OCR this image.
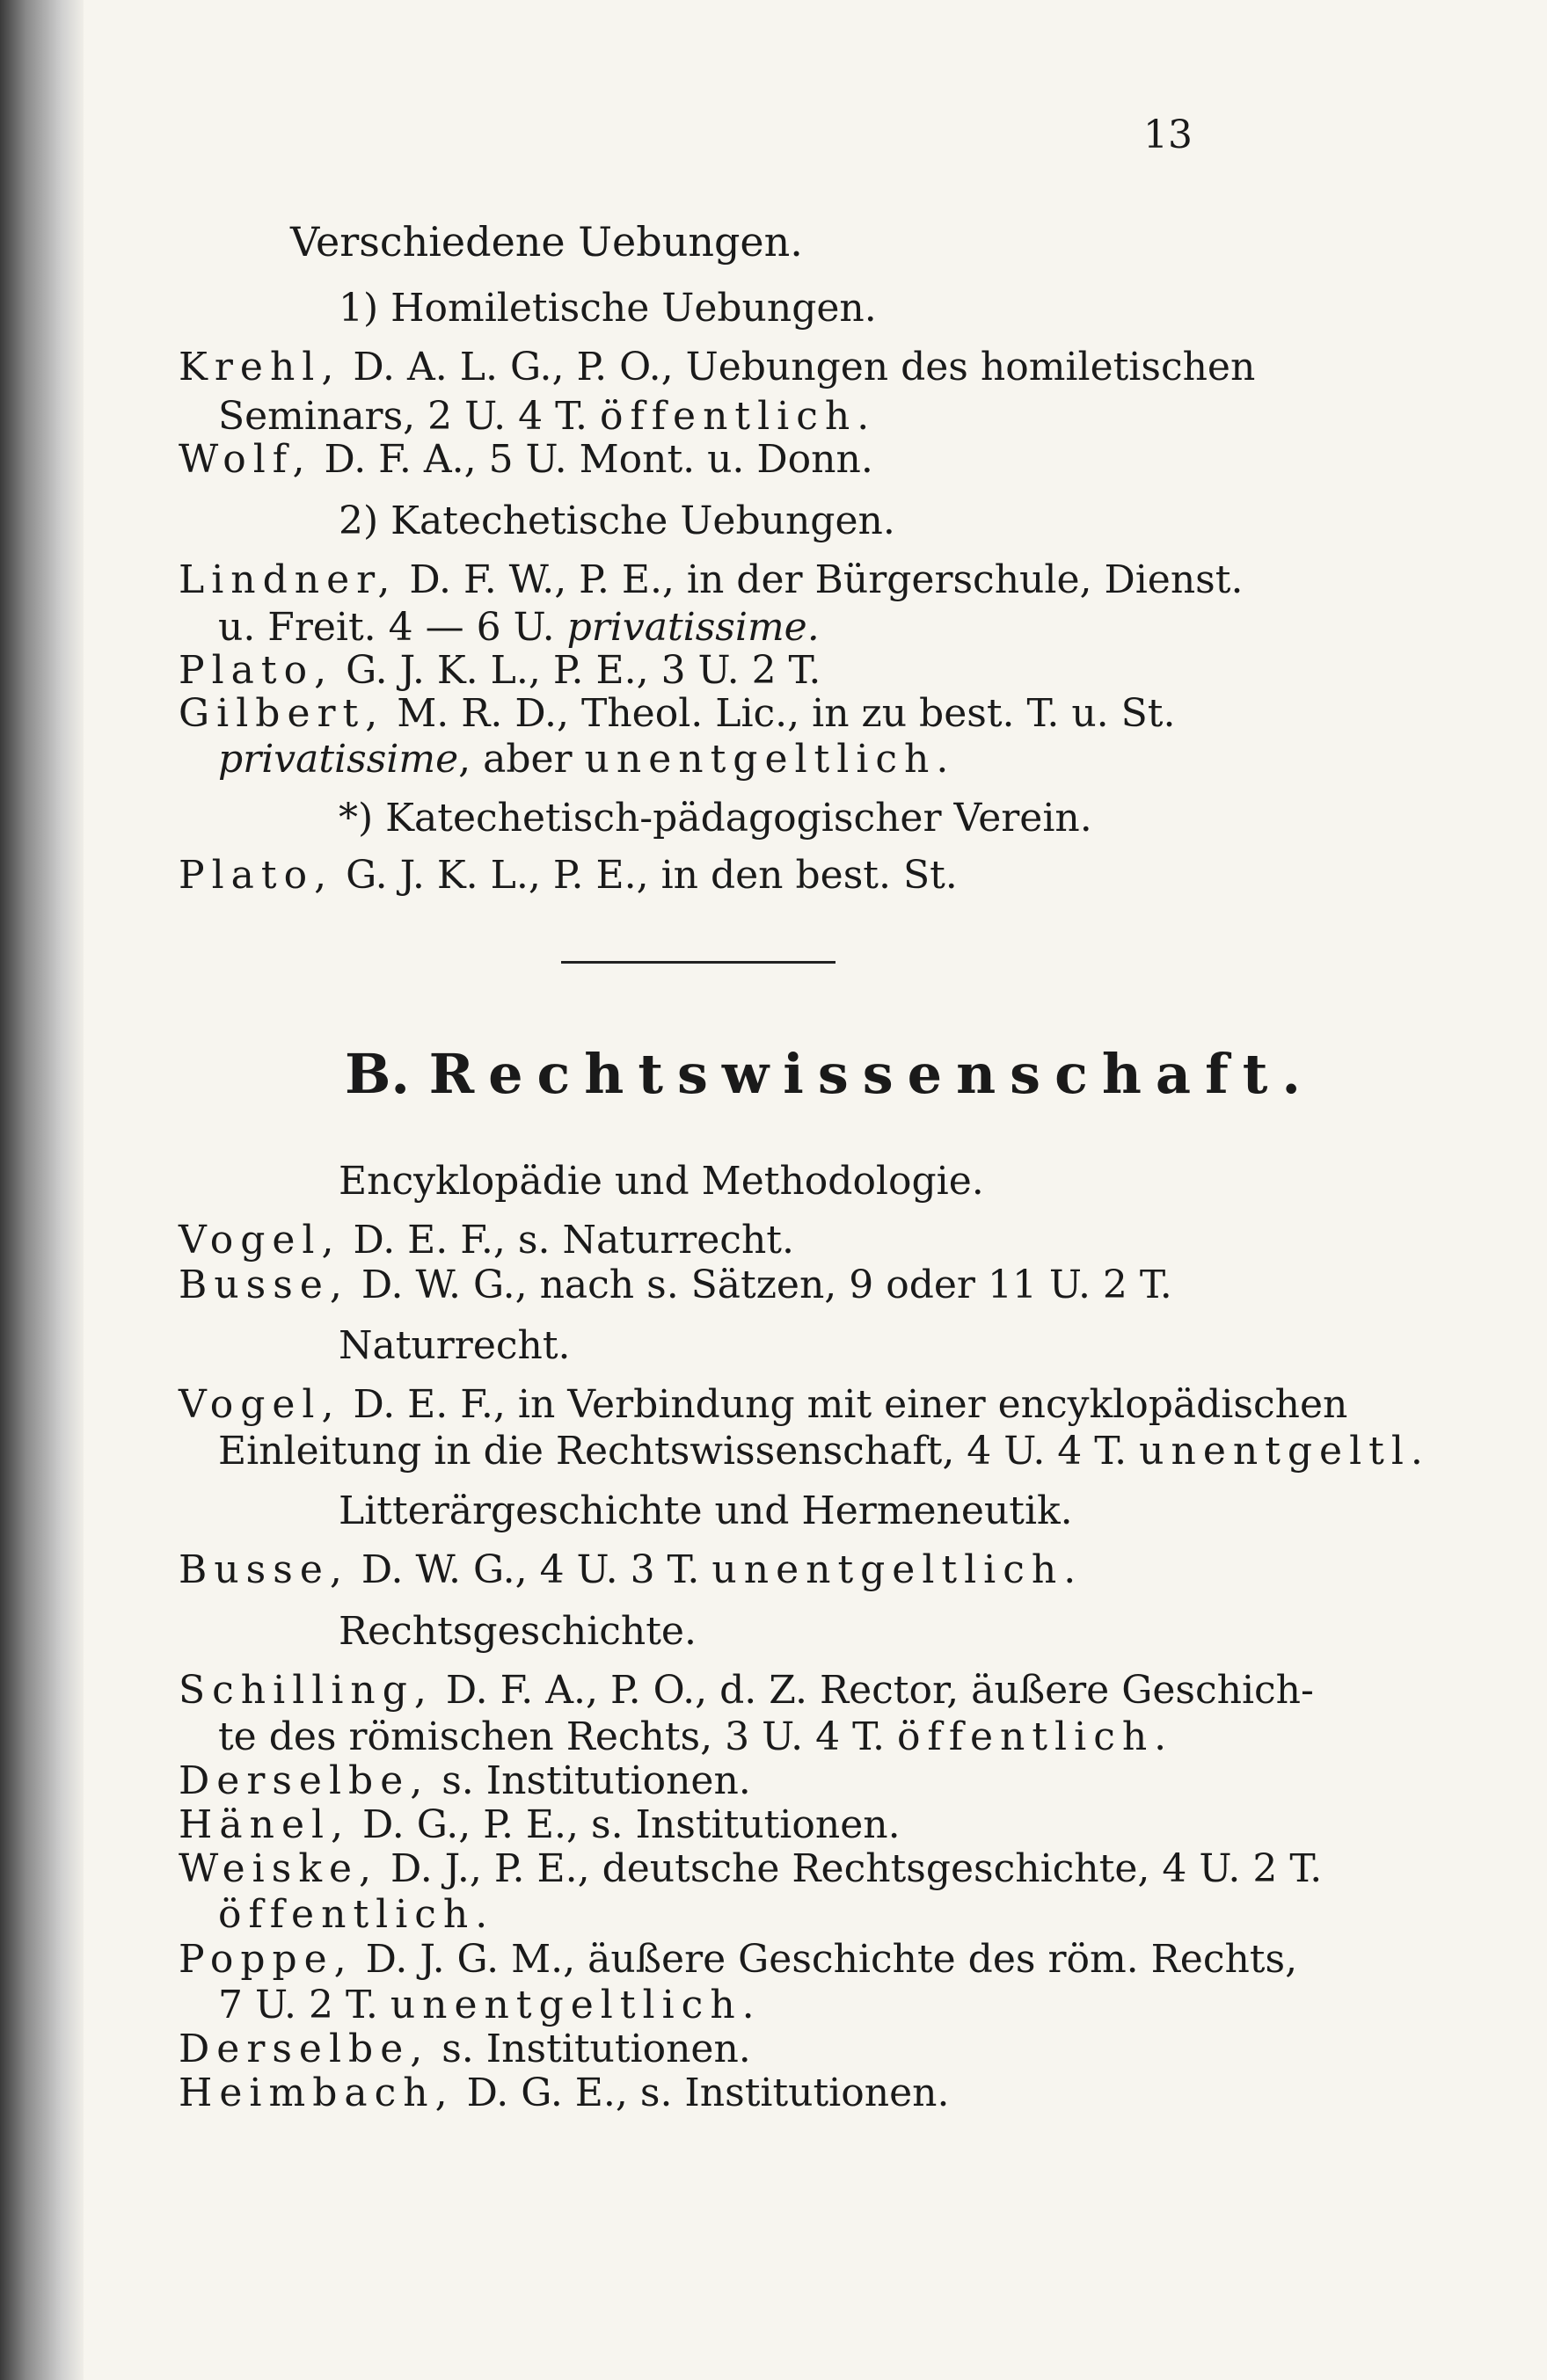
13
Verschiedene Uebungen.
1) Homiletische Uebungen.
Krehl, D. A. L. G., P. O., Uebungen des homiletischen
Seminars, 2 U. 4 T. öffentlich.
Wolf, D. F. A., 5 U. Mont. u. Donn.
2) Katechetische Uebungen.
Lindner, D. F. W., P. E., in der Bürgerschule, Dienst.
u. Freit. 4 — 6 U. privatissime.
Plato, G. J. K. L., P. E., 3 U. 2 T.
Gilbert, M. R. D., Theol. Lic., in zu best. T. u. St.
privatissime, aber unentgeltlich.
*) Katechetisch-pädagogischer Verein.
Plato, G. J. K. L., P. E., in den best. St.
B. Rechtswissenschaft.
Encyklopädie und Methodologie.
Vogel, D. E. F., s. Naturrecht.
Busse, D. W. G., nach s. Sätzen, 9 oder 11 U. 2 T.
Naturrecht.
Vogel, D. E. F., in Verbindung mit einer encyklopädischen
Einleitung in die Rechtswissenschaft, 4 U. 4 T. unentgeltl.
Litterärgeschichte und Hermeneutik.
Busse, D. W. G., 4 U. 3 T. unentgeltlich.
Rechtsgeschichte.
Schilling, D. F. A., P. O., d. Z. Rector, äußere Geschich-
te des römischen Rechts, 3 U. 4 T. öffentlich.
Derselbe, s. Institutionen.
Hänel, D. G., P. E., s. Institutionen.
Weiske, D. J., P. E., deutsche Rechtsgeschichte, 4 U. 2 T.
öffentlich.
Poppe, D. J. G. M., äußere Geschichte des röm. Rechts,
7 U. 2 T. unentgeltlich.
Derselbe, s. Institutionen.
Heimbach, D. G. E., s. Institutionen.
